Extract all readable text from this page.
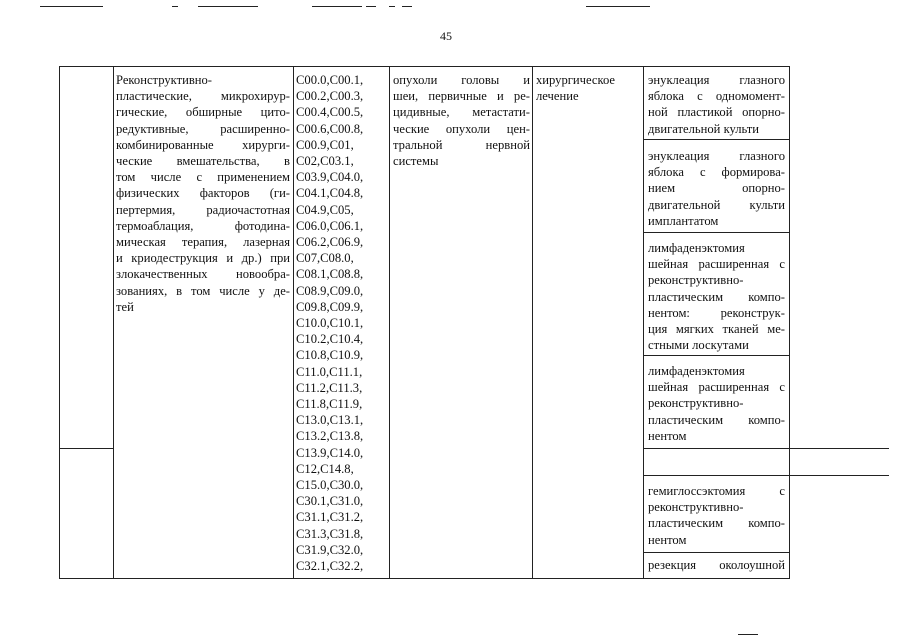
45
Реконструктивно-
пластические, микрохирур-
гические, обширные цито-
редуктивные, расширенно-
комбинированные хирурги-
ческие вмешательства, в
том числе с применением
физических факторов (ги-
пертермия, радиочастотная
термоаблация, фотодина-
мическая терапия, лазерная
и криодеструкция и др.) при
злокачественных новообра-
зованиях, в том числе у де-
тей
C00.0,C00.1,
C00.2,C00.3,
C00.4,C00.5,
C00.6,C00.8,
C00.9,C01,
C02,C03.1,
C03.9,C04.0,
C04.1,C04.8,
C04.9,C05,
C06.0,C06.1,
C06.2,C06.9,
C07,C08.0,
C08.1,C08.8,
C08.9,C09.0,
C09.8,C09.9,
C10.0,C10.1,
C10.2,C10.4,
C10.8,C10.9,
C11.0,C11.1,
C11.2,C11.3,
C11.8,C11.9,
C13.0,C13.1,
C13.2,C13.8,
C13.9,C14.0,
C12,C14.8,
C15.0,C30.0,
C30.1,C31.0,
C31.1,C31.2,
C31.3,C31.8,
C31.9,C32.0,
C32.1,C32.2,
опухоли головы и
шеи, первичные и ре-
цидивные, метастати-
ческие опухоли цен-
тральной нервной
системы
хирургическое
лечение
энуклеация глазного
яблока с одномомент-
ной пластикой опорно-
двигательной культи
энуклеация глазного
яблока с формирова-
нием опорно-
двигательной культи
имплантатом
лимфаденэктомия
шейная расширенная с
реконструктивно-
пластическим компо-
нентом: реконструк-
ция мягких тканей ме-
стными лоскутами
лимфаденэктомия
шейная расширенная с
реконструктивно-
пластическим компо-
нентом
гемиглоссэктомия с
реконструктивно-
пластическим компо-
нентом
резекция околоушной
